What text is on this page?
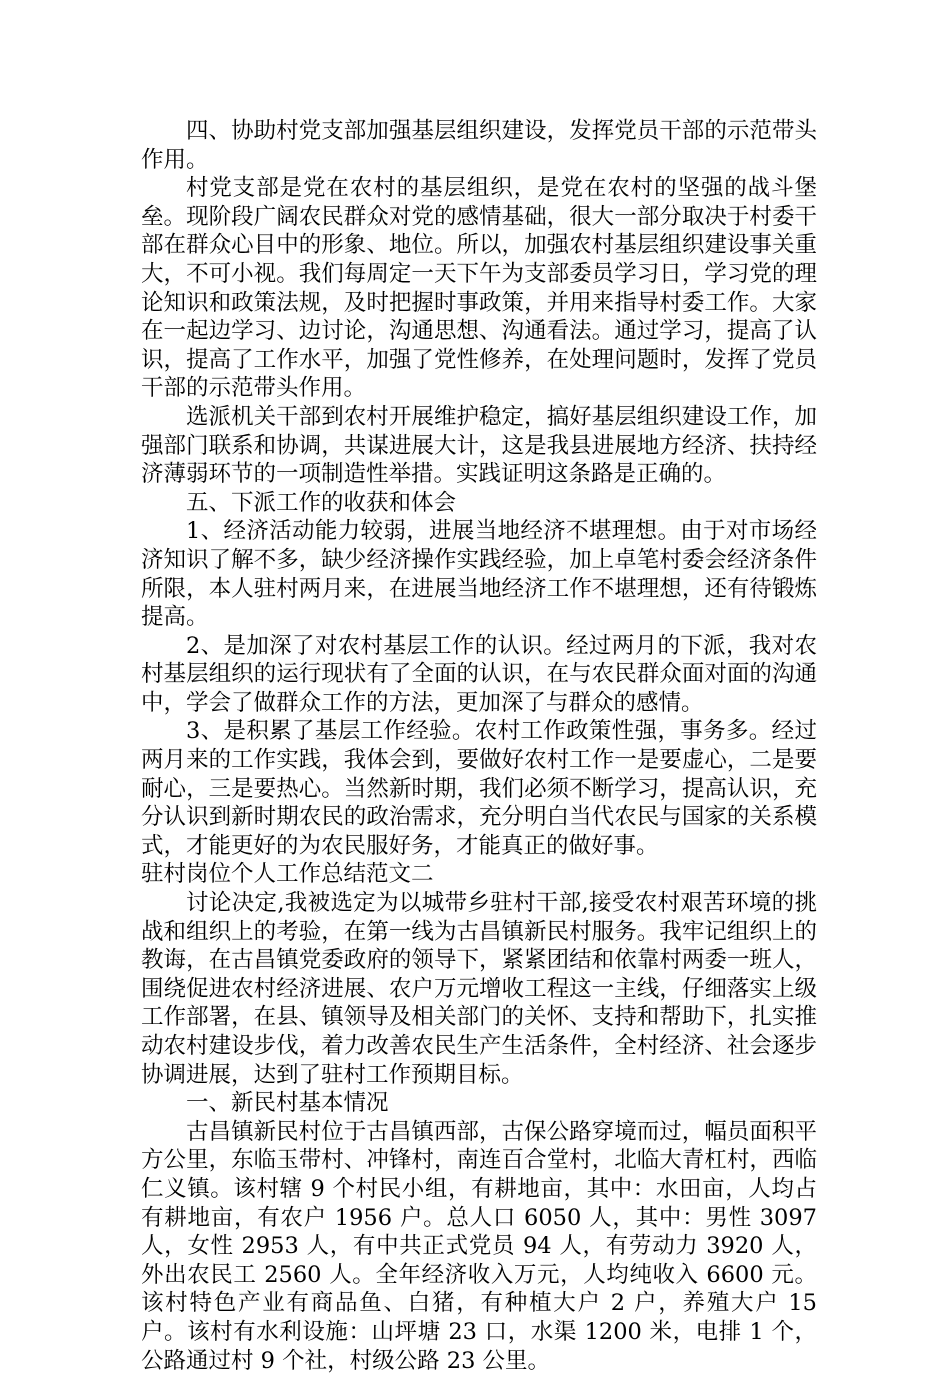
四、协助村党支部加强基层组织建设，发挥党员干部的示范带头作用。

村党支部是党在农村的基层组织，是党在农村的坚强的战斗堡垒。现阶段广阔农民群众对党的感情基础，很大一部分取决于村委干部在群众心目中的形象、地位。所以，加强农村基层组织建设事关重大，不可小视。我们每周定一天下午为支部委员学习日，学习党的理论知识和政策法规，及时把握时事政策，并用来指导村委工作。大家在一起边学习、边讨论，沟通思想、沟通看法。通过学习，提高了认识，提高了工作水平，加强了党性修养，在处理问题时，发挥了党员干部的示范带头作用。

选派机关干部到农村开展维护稳定，搞好基层组织建设工作，加强部门联系和协调，共谋进展大计，这是我县进展地方经济、扶持经济薄弱环节的一项制造性举措。实践证明这条路是正确的。

五、下派工作的收获和体会

1、经济活动能力较弱，进展当地经济不堪理想。由于对市场经济知识了解不多，缺少经济操作实践经验，加上卓笔村委会经济条件所限，本人驻村两月来，在进展当地经济工作不堪理想，还有待锻炼提高。

2、是加深了对农村基层工作的认识。经过两月的下派，我对农村基层组织的运行现状有了全面的认识，在与农民群众面对面的沟通中，学会了做群众工作的方法，更加深了与群众的感情。

3、是积累了基层工作经验。农村工作政策性强，事务多。经过两月来的工作实践，我体会到，要做好农村工作一是要虚心，二是要耐心，三是要热心。当然新时期，我们必须不断学习，提高认识，充分认识到新时期农民的政治需求，充分明白当代农民与国家的关系模式，才能更好的为农民服好务，才能真正的做好事。

驻村岗位个人工作总结范文二

讨论决定,我被选定为以城带乡驻村干部,接受农村艰苦环境的挑战和组织上的考验，在第一线为古昌镇新民村服务。我牢记组织上的教诲，在古昌镇党委政府的领导下，紧紧团结和依靠村两委一班人，围绕促进农村经济进展、农户万元增收工程这一主线，仔细落实上级工作部署，在县、镇领导及相关部门的关怀、支持和帮助下，扎实推动农村建设步伐，着力改善农民生产生活条件，全村经济、社会逐步协调进展，达到了驻村工作预期目标。

一、新民村基本情况

古昌镇新民村位于古昌镇西部，古保公路穿境而过，幅员面积平方公里，东临玉带村、冲锋村，南连百合堂村，北临大青杠村，西临仁义镇。该村辖 9 个村民小组，有耕地亩，其中：水田亩，人均占有耕地亩，有农户 1956 户。总人口 6050 人，其中：男性 3097 人，女性 2953 人，有中共正式党员 94 人，有劳动力 3920 人，外出农民工 2560 人。全年经济收入万元，人均纯收入 6600 元。该村特色产业有商品鱼、白猪，有种植大户 2 户，养殖大户 15 户。该村有水利设施：山坪塘 23 口，水渠 1200 米，电排 1 个，公路通过村 9 个社，村级公路 23 公里。
